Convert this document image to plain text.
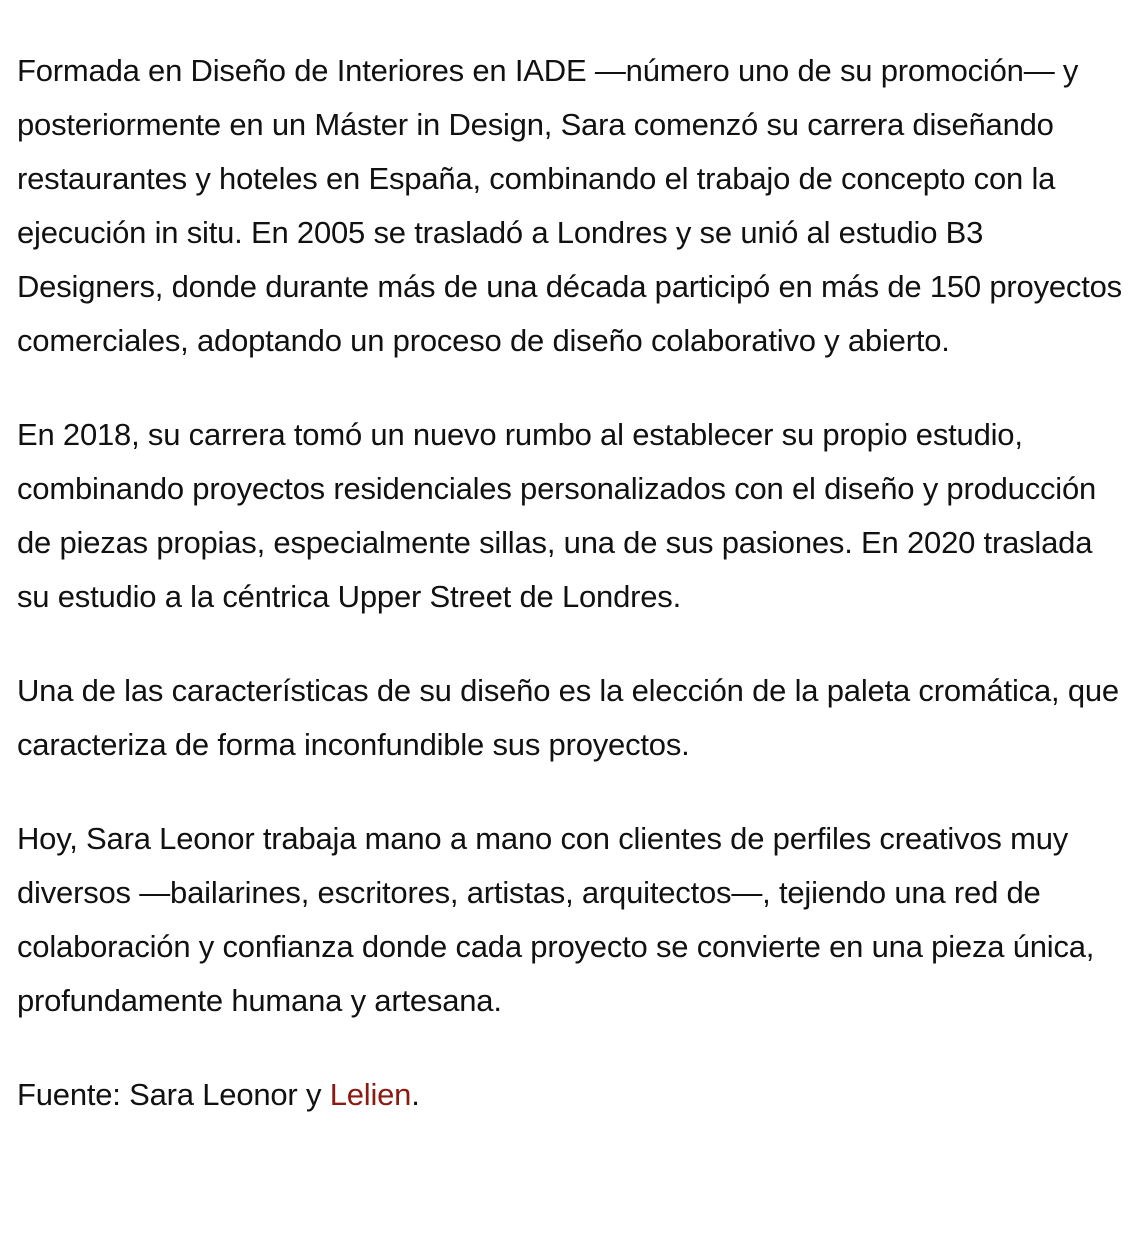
Formada en Diseño de Interiores en IADE —número uno de su promoción— y posteriormente en un Máster in Design, Sara comenzó su carrera diseñando restaurantes y hoteles en España, combinando el trabajo de concepto con la ejecución in situ. En 2005 se trasladó a Londres y se unió al estudio B3 Designers, donde durante más de una década participó en más de 150 proyectos comerciales, adoptando un proceso de diseño colaborativo y abierto.

En 2018, su carrera tomó un nuevo rumbo al establecer su propio estudio, combinando proyectos residenciales personalizados con el diseño y producción de piezas propias, especialmente sillas, una de sus pasiones. En 2020 traslada su estudio a la céntrica Upper Street de Londres.

Una de las características de su diseño es la elección de la paleta cromática, que caracteriza de forma inconfundible sus proyectos.

Hoy, Sara Leonor trabaja mano a mano con clientes de perfiles creativos muy diversos —bailarines, escritores, artistas, arquitectos—, tejiendo una red de colaboración y confianza donde cada proyecto se convierte en una pieza única, profundamente humana y artesana.

Fuente: Sara Leonor y Lelien.
